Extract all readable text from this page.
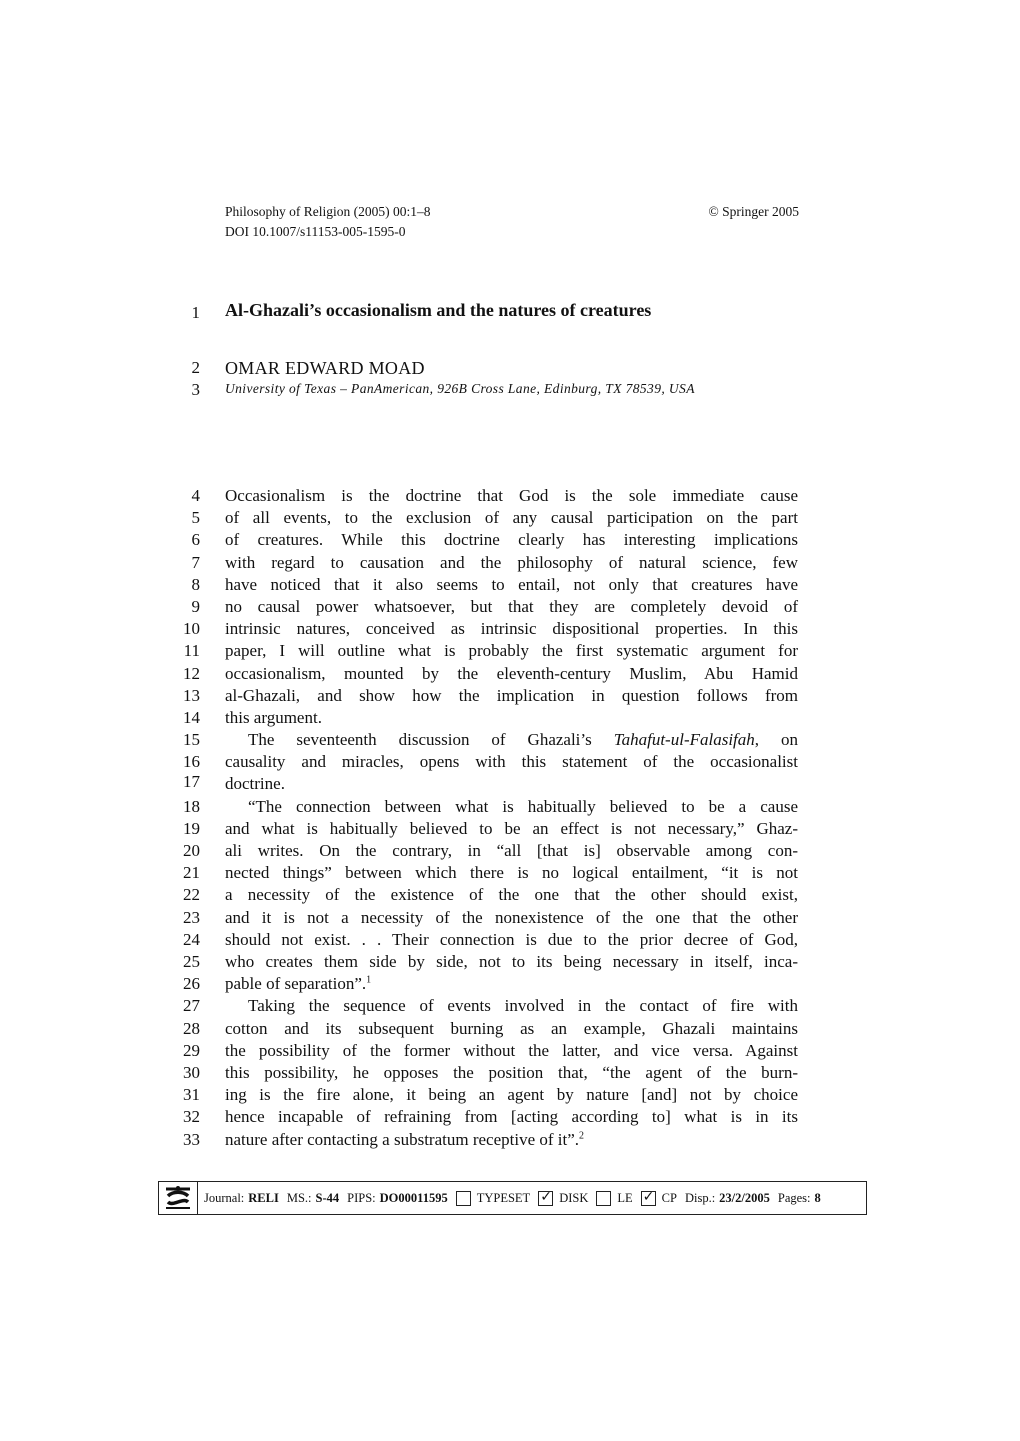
Philosophy of Religion (2005) 00:1–8	© Springer 2005
DOI 10.1007/s11153-005-1595-0
1
2
3
4
5
6
7
8
9
10
11
12
13
14
15
16
17
18
19
20
21
22
23
24
25
26
27
28
29
30
31
32
33
Al-Ghazali’s occasionalism and the natures of creatures
OMAR EDWARD MOAD
University of Texas – PanAmerican, 926B Cross Lane, Edinburg, TX 78539, USA
Occasionalism is the doctrine that God is the sole immediate cause
of all events, to the exclusion of any causal participation on the part
of creatures. While this doctrine clearly has interesting implications
with regard to causation and the philosophy of natural science, few
have noticed that it also seems to entail, not only that creatures have
no causal power whatsoever, but that they are completely devoid of
intrinsic natures, conceived as intrinsic dispositional properties. In this
paper, I will outline what is probably the first systematic argument for
occasionalism, mounted by the eleventh-century Muslim, Abu Hamid
al-Ghazali, and show how the implication in question follows from
this argument.
The seventeenth discussion of Ghazali’s Tahafut-ul-Falasifah, on
causality and miracles, opens with this statement of the occasionalist
doctrine.
“The connection between what is habitually believed to be a cause
and what is habitually believed to be an effect is not necessary,” Ghaz-
ali writes. On the contrary, in “all [that is] observable among con-
nected things” between which there is no logical entailment, “it is not
a necessity of the existence of the one that the other should exist,
and it is not a necessity of the nonexistence of the one that the other
should not exist. . . Their connection is due to the prior decree of God,
who creates them side by side, not to its being necessary in itself, inca-
pable of separation”.$^1$
Taking the sequence of events involved in the contact of fire with
cotton and its subsequent burning as an example, Ghazali maintains
the possibility of the former without the latter, and vice versa. Against
this possibility, he opposes the position that, “the agent of the burn-
ing is the fire alone, it being an agent by nature [and] not by choice
hence incapable of refraining from [acting according to] what is in its
nature after contacting a substratum receptive of it”.$^2$
Journal: RELI MS.: S-44 PIPS: DO00011595 TYPESET ✓ DISK LE ✓ CP Disp.: 23/2/2005 Pages: 8
